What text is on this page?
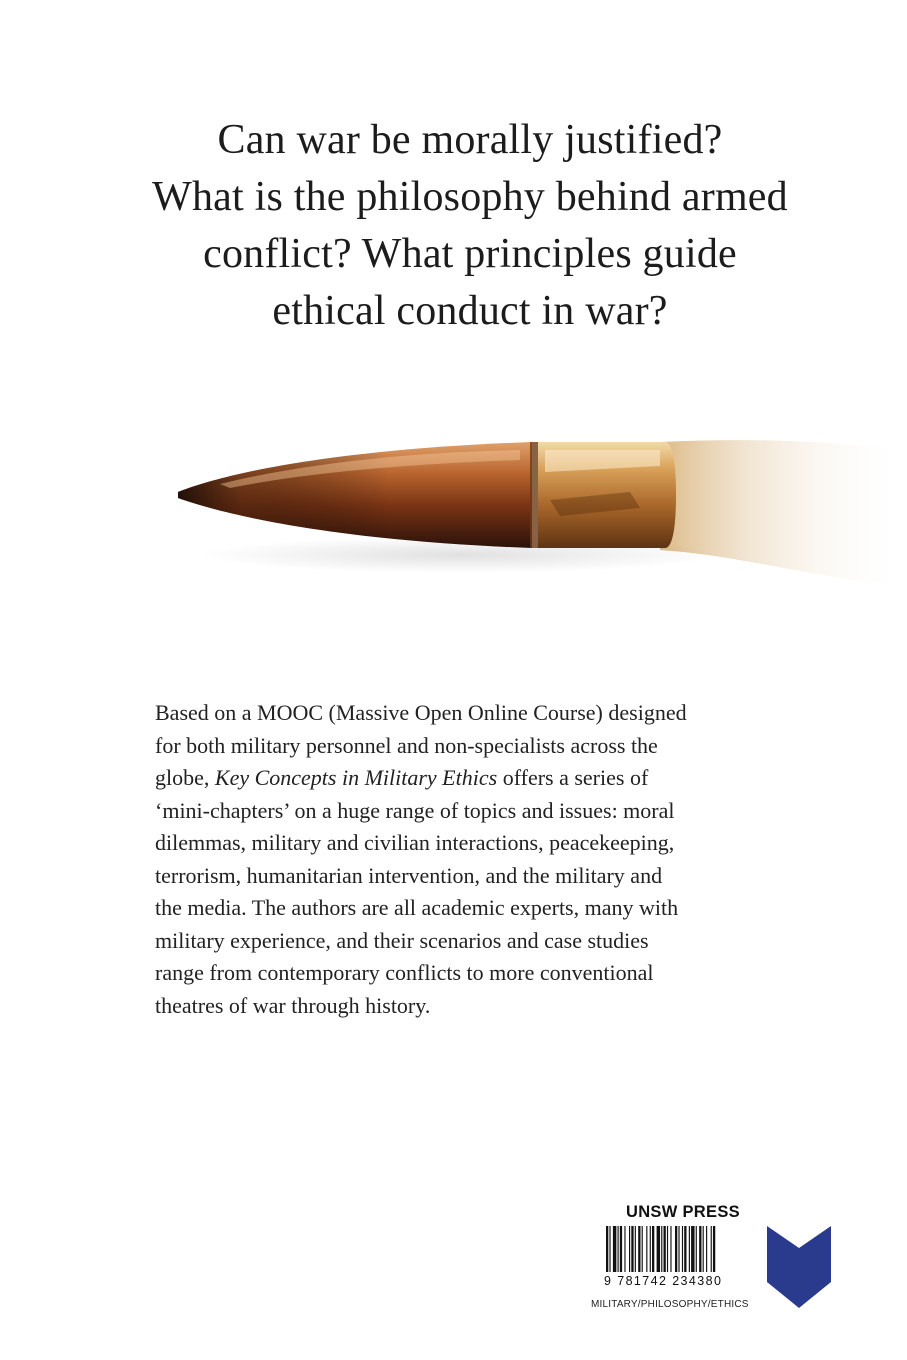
Can war be morally justified?
What is the philosophy behind armed
conflict? What principles guide
ethical conduct in war?
Based on a MOOC (Massive Open Online Course) designed
for both military personnel and non-specialists across the
globe, Key Concepts in Military Ethics offers a series of
‘mini-chapters’ on a huge range of topics and issues: moral
dilemmas, military and civilian interactions, peacekeeping,
terrorism, humanitarian intervention, and the military and
the media. The authors are all academic experts, many with
military experience, and their scenarios and case studies
range from contemporary conflicts to more conventional
theatres of war through history.
UNSW PRESS
9 781742 234380
MILITARY/PHILOSOPHY/ETHICS
